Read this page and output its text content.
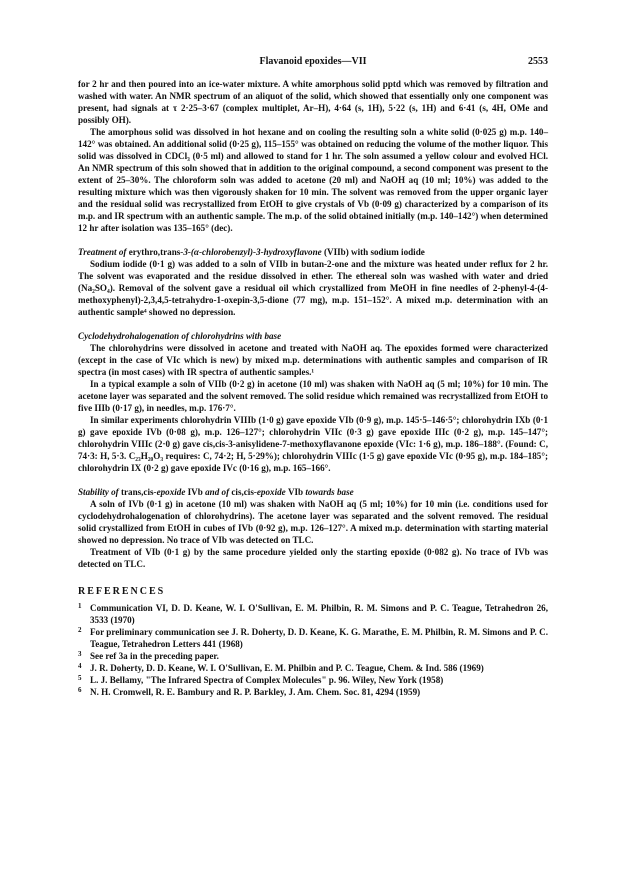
Flavanoid epoxides—VII	2553

for 2 hr and then poured into an ice-water mixture. A white amorphous solid pptd which was removed by filtration and washed with water. An NMR spectrum of an aliquot of the solid, which showed that essentially only one component was present, had signals at τ 2·25–3·67 (complex multiplet, Ar–H), 4·64 (s, 1H), 5·22 (s, 1H) and 6·41 (s, 4H, OMe and possibly OH).

The amorphous solid was dissolved in hot hexane and on cooling the resulting soln a white solid (0·025 g) m.p. 140–142° was obtained. An additional solid (0·25 g), 115–155° was obtained on reducing the volume of the mother liquor. This solid was dissolved in CDCl₃ (0·5 ml) and allowed to stand for 1 hr. The soln assumed a yellow colour and evolved HCl. An NMR spectrum of this soln showed that in addition to the original compound, a second component was present to the extent of 25–30%. The chloroform soln was added to acetone (20 ml) and NaOH aq (10 ml; 10%) was added to the resulting mixture which was then vigorously shaken for 10 min. The solvent was removed from the upper organic layer and the residual solid was recrystallized from EtOH to give crystals of Vb (0·09 g) characterized by a comparison of its m.p. and IR spectrum with an authentic sample. The m.p. of the solid obtained initially (m.p. 140–142°) when determined 12 hr after isolation was 135–165° (dec).

Treatment of erythro,trans-3-(α-chlorobenzyl)-3-hydroxyflavone (VIIb) with sodium iodide

Sodium iodide (0·1 g) was added to a soln of VIIb in butan-2-one and the mixture was heated under reflux for 2 hr. The solvent was evaporated and the residue dissolved in ether. The ethereal soln was washed with water and dried (Na₂SO₄). Removal of the solvent gave a residual oil which crystallized from MeOH in fine needles of 2-phenyl-4-(4-methoxyphenyl)-2,3,4,5-tetrahydro-1-oxepin-3,5-dione (77 mg), m.p. 151–152°. A mixed m.p. determination with an authentic sample⁴ showed no depression.

Cyclodehydrohalogenation of chlorohydrins with base

The chlorohydrins were dissolved in acetone and treated with NaOH aq. The epoxides formed were characterized (except in the case of VIc which is new) by mixed m.p. determinations with authentic samples and comparison of IR spectra (in most cases) with IR spectra of authentic samples.¹

In a typical example a soln of VIIb (0·2 g) in acetone (10 ml) was shaken with NaOH aq (5 ml; 10%) for 10 min. The acetone layer was separated and the solvent removed. The solid residue which remained was recrystallized from EtOH to five IIIb (0·17 g), in needles, m.p. 176·7°.

In similar experiments chlorohydrin VIIIb (1·0 g) gave epoxide VIb (0·9 g), m.p. 145·5–146·5°; chlorohydrin IXb (0·1 g) gave epoxide IVb (0·08 g), m.p. 126–127°; chlorohydrin VIIc (0·3 g) gave epoxide IIIc (0·2 g), m.p. 145–147°; chlorohydrin VIIIc (2·0 g) gave cis,cis-3-anisylidene-7-methoxyflavanone epoxide (VIc: 1·6 g), m.p. 186–188°. (Found: C, 74·3: H, 5·3. C₂₃H₂₀O₃ requires: C, 74·2; H, 5·29%); chlorohydrin VIIIc (1·5 g) gave epoxide VIc (0·95 g), m.p. 184–185°; chlorohydrin IX (0·2 g) gave epoxide IVc (0·16 g), m.p. 165–166°.

Stability of trans,cis-epoxide IVb and of cis,cis-epoxide VIb towards base

A soln of IVb (0·1 g) in acetone (10 ml) was shaken with NaOH aq (5 ml; 10%) for 10 min (i.e. conditions used for cyclodehydrohalogenation of chlorohydrins). The acetone layer was separated and the solvent removed. The residual solid crystallized from EtOH in cubes of IVb (0·92 g), m.p. 126–127°. A mixed m.p. determination with starting material showed no depression. No trace of VIb was detected on TLC.

Treatment of VIb (0·1 g) by the same procedure yielded only the starting epoxide (0·082 g). No trace of IVb was detected on TLC.

REFERENCES

1 Communication VI, D. D. Keane, W. I. O'Sullivan, E. M. Philbin, R. M. Simons and P. C. Teague, Tetrahedron 26, 3533 (1970)
2 For preliminary communication see J. R. Doherty, D. D. Keane, K. G. Marathe, E. M. Philbin, R. M. Simons and P. C. Teague, Tetrahedron Letters 441 (1968)
3 See ref 3a in the preceding paper.
4 J. R. Doherty, D. D. Keane, W. I. O'Sullivan, E. M. Philbin and P. C. Teague, Chem. & Ind. 586 (1969)
5 L. J. Bellamy, "The Infrared Spectra of Complex Molecules" p. 96. Wiley, New York (1958)
6 N. H. Cromwell, R. E. Bambury and R. P. Barkley, J. Am. Chem. Soc. 81, 4294 (1959)
